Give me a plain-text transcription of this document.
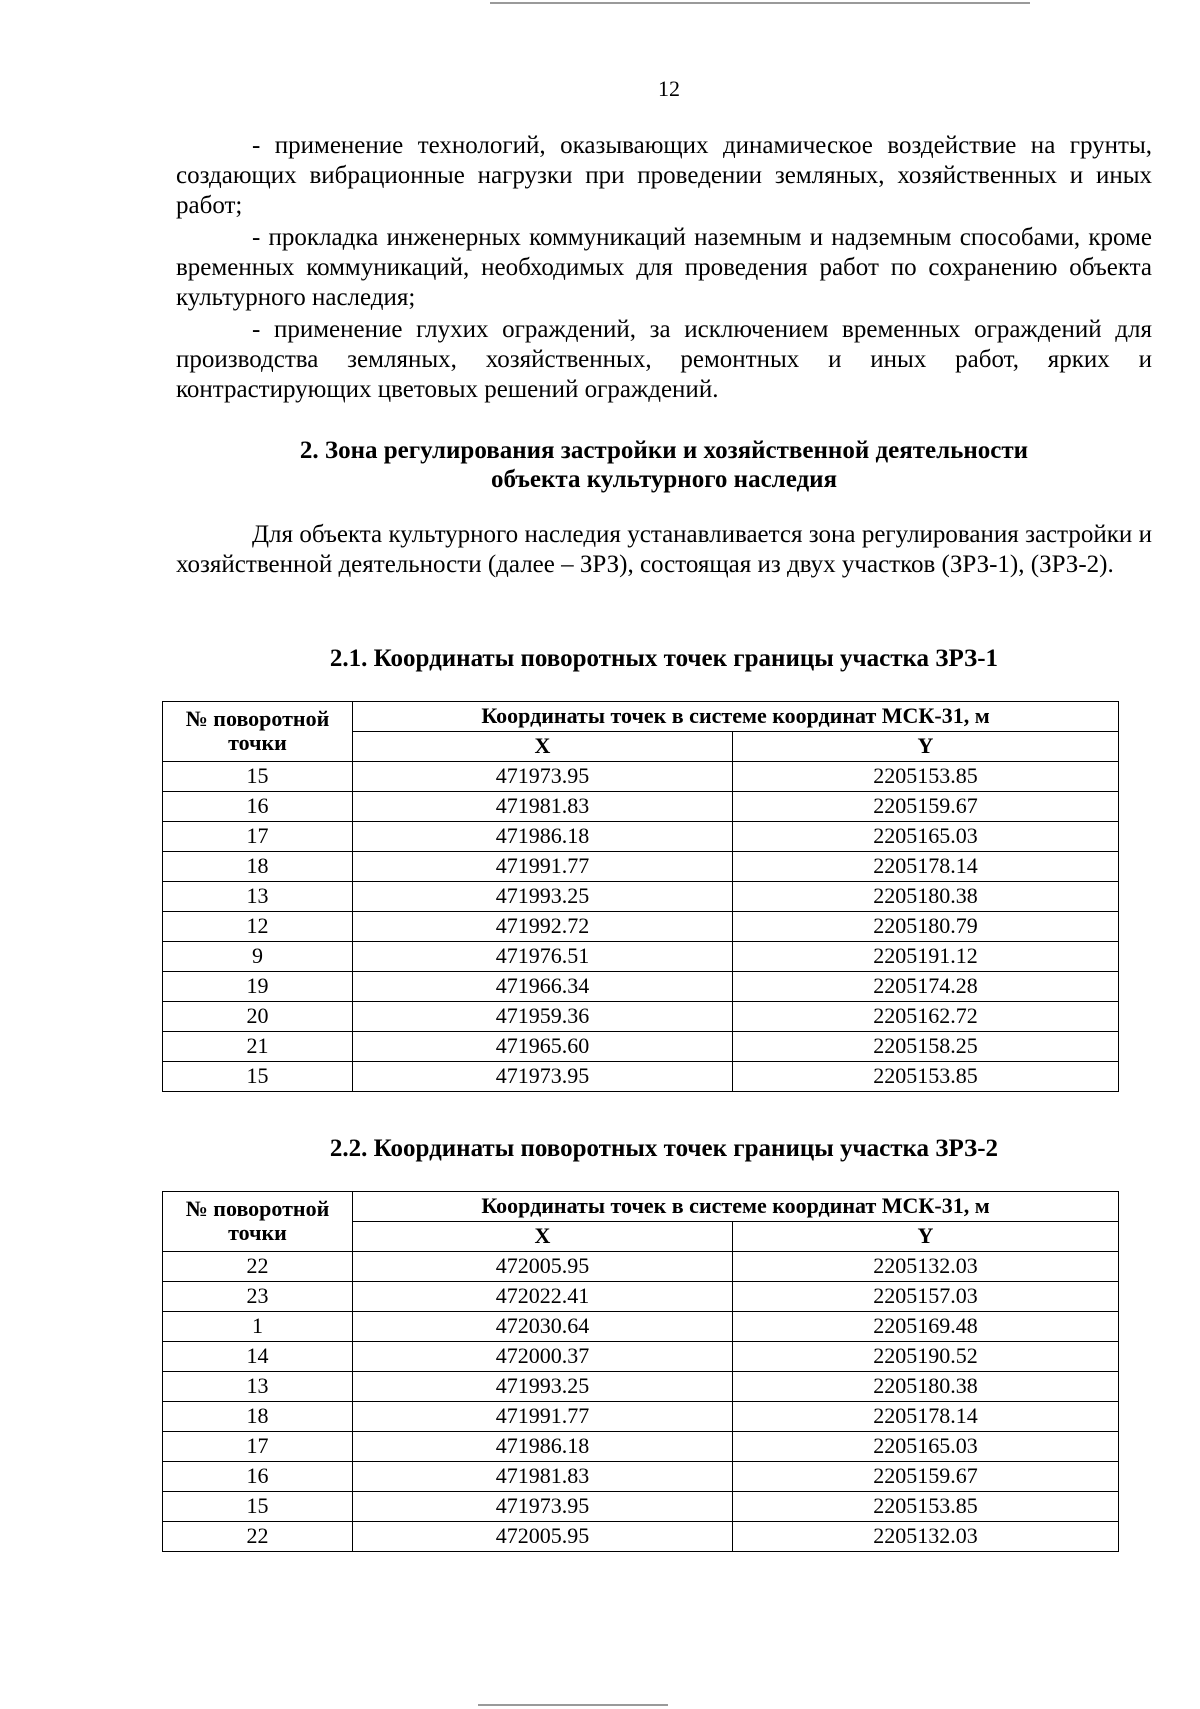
12

- применение технологий, оказывающих динамическое воздействие на грунты, создающих вибрационные нагрузки при проведении земляных, хозяйственных и иных работ;

- прокладка инженерных коммуникаций наземным и надземным способами, кроме временных коммуникаций, необходимых для проведения работ по сохранению объекта культурного наследия;

- применение глухих ограждений, за исключением временных ограждений для производства земляных, хозяйственных, ремонтных и иных работ, ярких и контрастирующих цветовых решений ограждений.

2. Зона регулирования застройки и хозяйственной деятельности
объекта культурного наследия

Для объекта культурного наследия устанавливается зона регулирования застройки и хозяйственной деятельности (далее – ЗРЗ), состоящая из двух участков (ЗРЗ-1), (ЗРЗ-2).

2.1. Координаты поворотных точек границы участка ЗРЗ-1
№ поворотной
точки	Координаты точек в системе координат МСК-31, м	
	X	Y
15	471973.95	2205153.85
16	471981.83	2205159.67
17	471986.18	2205165.03
18	471991.77	2205178.14
13	471993.25	2205180.38
12	471992.72	2205180.79
9	471976.51	2205191.12
19	471966.34	2205174.28
20	471959.36	2205162.72
21	471965.60	2205158.25
15	471973.95	2205153.85
2.2. Координаты поворотных точек границы участка ЗРЗ-2
№ поворотной
точки	Координаты точек в системе координат МСК-31, м	
	X	Y
22	472005.95	2205132.03
23	472022.41	2205157.03
1	472030.64	2205169.48
14	472000.37	2205190.52
13	471993.25	2205180.38
18	471991.77	2205178.14
17	471986.18	2205165.03
16	471981.83	2205159.67
15	471973.95	2205153.85
22	472005.95	2205132.03
